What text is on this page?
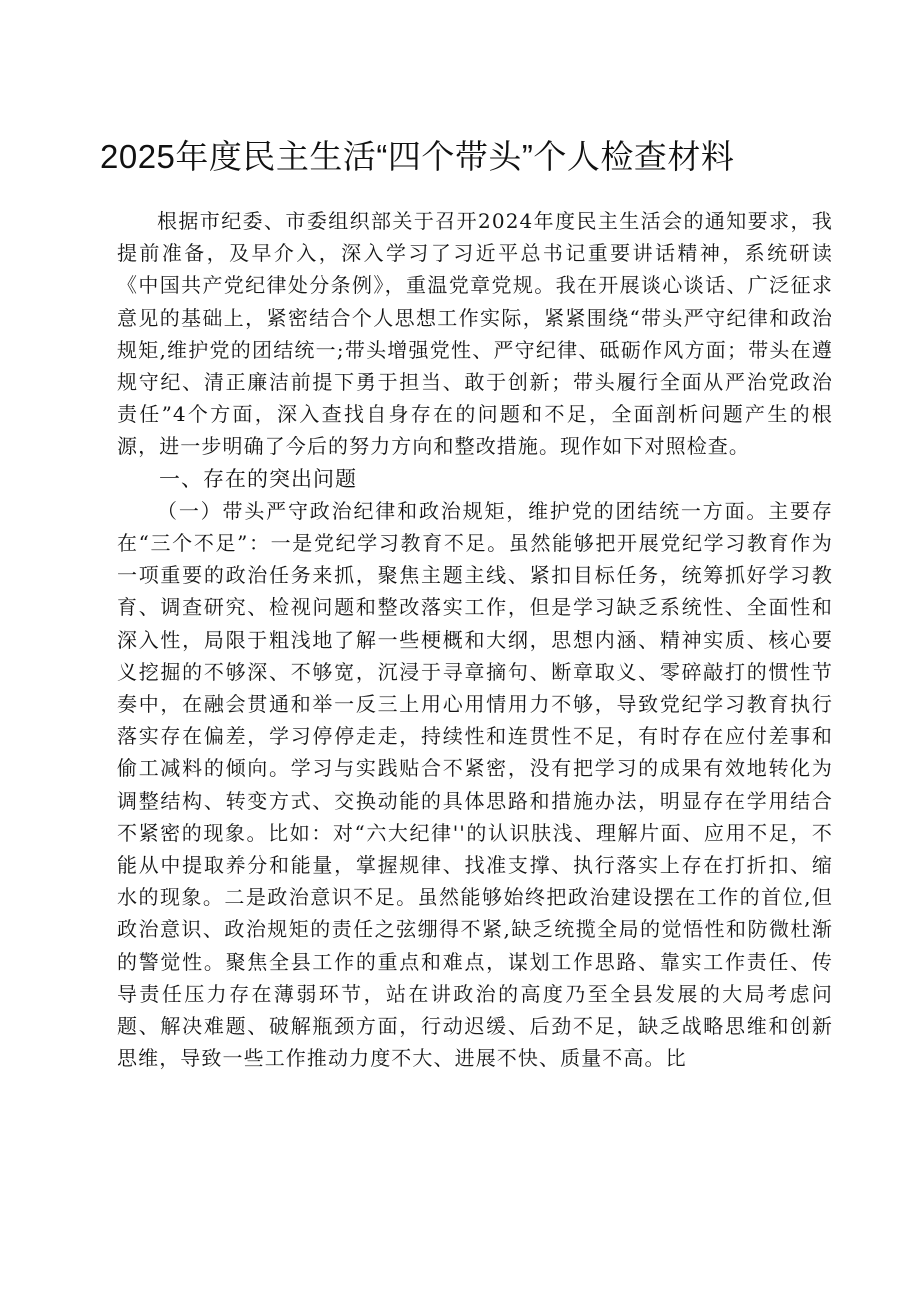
2025年度民主生活“四个带头”个人检查材料

根据市纪委、市委组织部关于召开2024年度民主生活会的通知要求，我提前准备，及早介入，深入学习了习近平总书记重要讲话精神，系统研读《中国共产党纪律处分条例》，重温党章党规。我在开展谈心谈话、广泛征求意见的基础上，紧密结合个人思想工作实际，紧紧围绕“带头严守纪律和政治规矩,维护党的团结统一;带头增强党性、严守纪律、砥砺作风方面；带头在遵规守纪、清正廉洁前提下勇于担当、敢于创新；带头履行全面从严治党政治责任”4个方面，深入查找自身存在的问题和不足，全面剖析问题产生的根源，进一步明确了今后的努力方向和整改措施。现作如下对照检查。

一、存在的突出问题

（一）带头严守政治纪律和政治规矩，维护党的团结统一方面。主要存在“三个不足”：一是党纪学习教育不足。虽然能够把开展党纪学习教育作为一项重要的政治任务来抓，聚焦主题主线、紧扣目标任务，统筹抓好学习教育、调查研究、检视问题和整改落实工作，但是学习缺乏系统性、全面性和深入性，局限于粗浅地了解一些梗概和大纲，思想内涵、精神实质、核心要义挖掘的不够深、不够宽，沉浸于寻章摘句、断章取义、零碎敲打的惯性节奏中，在融会贯通和举一反三上用心用情用力不够，导致党纪学习教育执行落实存在偏差，学习停停走走，持续性和连贯性不足，有时存在应付差事和偷工减料的倾向。学习与实践贴合不紧密，没有把学习的成果有效地转化为调整结构、转变方式、交换动能的具体思路和措施办法，明显存在学用结合不紧密的现象。比如：对“六大纪律''的认识肤浅、理解片面、应用不足，不能从中提取养分和能量，掌握规律、找准支撑、执行落实上存在打折扣、缩水的现象。二是政治意识不足。虽然能够始终把政治建设摆在工作的首位,但政治意识、政治规矩的责任之弦绷得不紧,缺乏统揽全局的觉悟性和防微杜渐的警觉性。聚焦全县工作的重点和难点，谋划工作思路、靠实工作责任、传导责任压力存在薄弱环节，站在讲政治的高度乃至全县发展的大局考虑问题、解决难题、破解瓶颈方面，行动迟缓、后劲不足，缺乏战略思维和创新思维，导致一些工作推动力度不大、进展不快、质量不高。比
